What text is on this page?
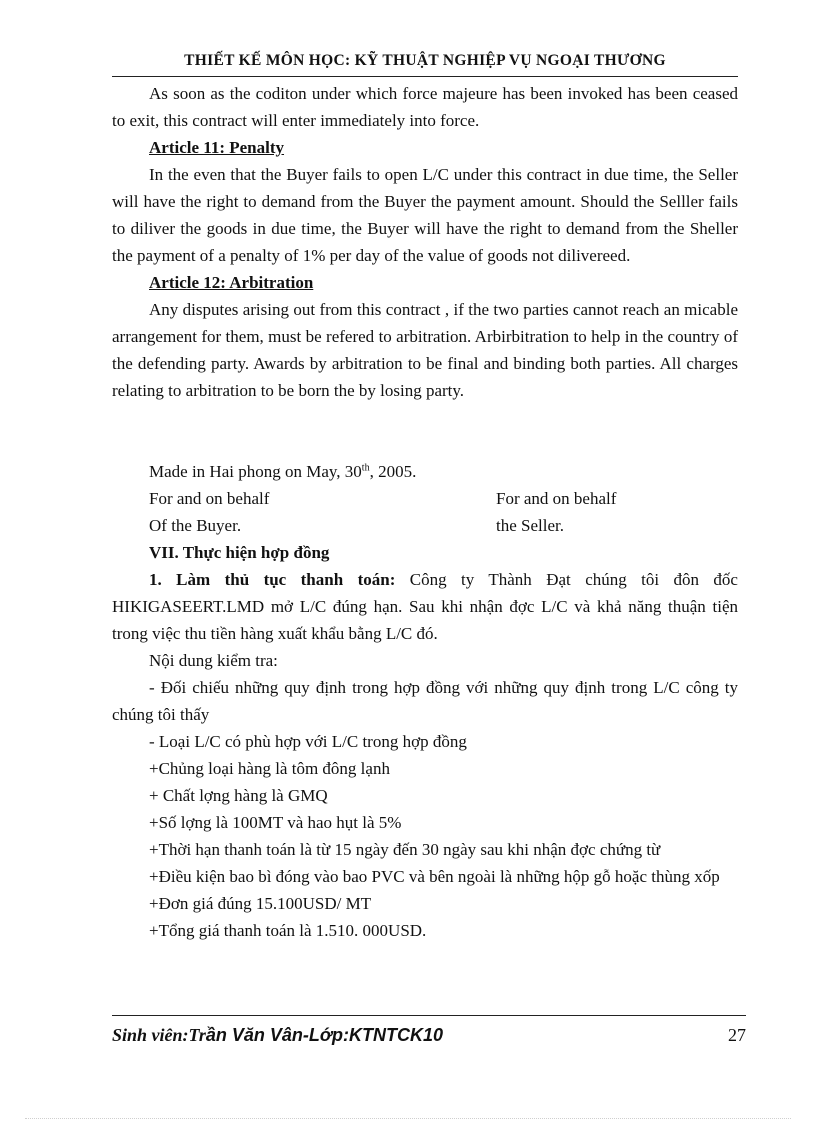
THIẾT KẾ MÔN HỌC: KỸ THUẬT NGHIỆP VỤ NGOẠI THƯƠNG

As soon as the coditon under which force majeure has been invoked has been ceased to exit, this contract will enter immediately into force.

Article 11: Penalty

In the even that the Buyer fails to open L/C under this contract in due time, the Seller will have the right to demand from the Buyer the payment amount. Should the Selller fails to diliver the goods in due time, the Buyer will have the right to demand from the Sheller the payment of a penalty of 1% per day of the value of goods not dilivereed.

Article 12: Arbitration

Any disputes arising out from this contract , if the two parties cannot reach an micable arrangement for them, must be refered to arbitration. Arbirbitration to help in the country of the defending party. Awards by arbitration to be final and binding both parties. All charges relating to arbitration to be born the by losing party.

Made in Hai phong on May, 30th, 2005.

For and on behalf	For and on behalf
Of the Buyer.	the Seller.

VII. Thực hiện hợp đồng

1. Làm thủ tục thanh toán: Công ty Thành Đạt chúng tôi đôn đốc HIKIGASEERT.LMD mở L/C đúng hạn. Sau khi nhận đợc L/C và khả năng thuận tiện trong việc thu tiền hàng xuất khẩu bằng L/C đó.

Nội dung kiểm tra:

- Đối chiếu những quy định trong hợp đồng với những quy định trong L/C công ty chúng tôi thấy

- Loại L/C có phù hợp với L/C trong hợp đồng

+Chủng loại hàng là tôm đông lạnh

+ Chất lợng hàng là GMQ

+Số lợng là 100MT và hao hụt là 5%

+Thời hạn thanh toán là từ 15 ngày đến 30 ngày sau khi nhận đợc chứng từ

+Điều kiện bao bì đóng vào bao PVC và bên ngoài là những hộp gỗ hoặc thùng xốp

+Đơn giá đúng 15.100USD/ MT

+Tổng giá thanh toán là 1.510. 000USD.

Sinh viên:Trần Văn Vân-Lớp:KTNTCK10	27
